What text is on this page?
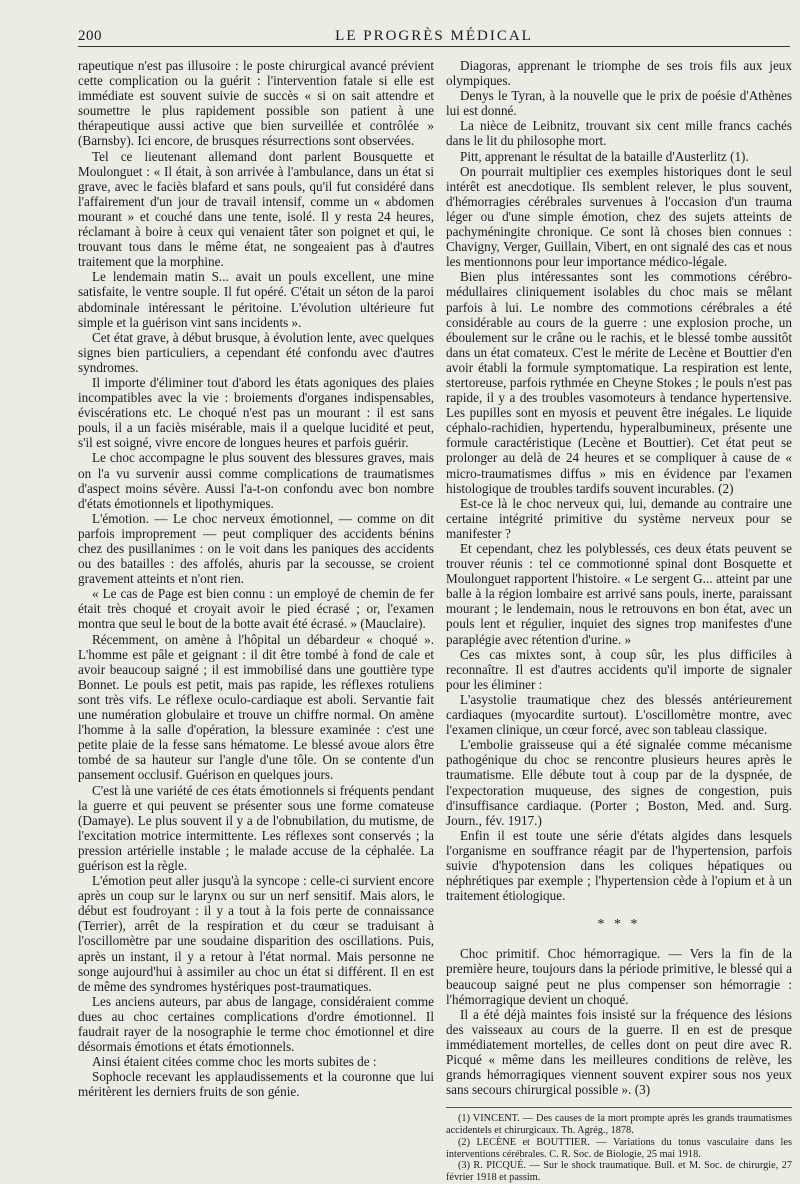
200	LE PROGRÈS MÉDICAL

rapeutique n'est pas illusoire : le poste chirurgical avancé prévient cette complication ou la guérit : l'intervention fatale si elle est immédiate est souvent suivie de succès « si on sait attendre et soumettre le plus rapidement possible son patient à une thérapeutique aussi active que bien surveillée et contrôlée » (Barnsby). Ici encore, de brusques résurrections sont observées.

Tel ce lieutenant allemand dont parlent Bousquette et Moulonguet : « Il était, à son arrivée à l'ambulance, dans un état si grave, avec le faciès blafard et sans pouls, qu'il fut considéré dans l'affairement d'un jour de travail intensif, comme un « abdomen mourant » et couché dans une tente, isolé. Il y resta 24 heures, réclamant à boire à ceux qui venaient tâter son poignet et qui, le trouvant tous dans le même état, ne songeaient pas à d'autres traitement que la morphine.

Le lendemain matin S... avait un pouls excellent, une mine satisfaite, le ventre souple. Il fut opéré. C'était un séton de la paroi abdominale intéressant le péritoine. L'évolution ultérieure fut simple et la guérison vint sans incidents ».

Cet état grave, à début brusque, à évolution lente, avec quelques signes bien particuliers, a cependant été confondu avec d'autres syndromes.

Il importe d'éliminer tout d'abord les états agoniques des plaies incompatibles avec la vie : broiements d'organes indispensables, éviscérations etc. Le choqué n'est pas un mourant : il est sans pouls, il a un faciès misérable, mais il a quelque lucidité et peut, s'il est soigné, vivre encore de longues heures et parfois guérir.

Le choc accompagne le plus souvent des blessures graves, mais on l'a vu survenir aussi comme complications de traumatismes d'aspect moins sévère. Aussi l'a-t-on confondu avec bon nombre d'états émotionnels et lipothymiques.

L'émotion. — Le choc nerveux émotionnel, — comme on dit parfois improprement — peut compliquer des accidents bénins chez des pusillanimes : on le voit dans les paniques des accidents ou des batailles : des affolés, ahuris par la secousse, se croient gravement atteints et n'ont rien.

« Le cas de Page est bien connu : un employé de chemin de fer était très choqué et croyait avoir le pied écrasé ; or, l'examen montra que seul le bout de la botte avait été écrasé. » (Mauclaire).

Récemment, on amène à l'hôpital un débardeur « choqué ». L'homme est pâle et geignant : il dit être tombé à fond de cale et avoir beaucoup saigné ; il est immobilisé dans une gouttière type Bonnet. Le pouls est petit, mais pas rapide, les réflexes rotuliens sont très vifs. Le réflexe oculo-cardiaque est aboli. Servantie fait une numération globulaire et trouve un chiffre normal. On amène l'homme à la salle d'opération, la blessure examinée : c'est une petite plaie de la fesse sans hématome. Le blessé avoue alors être tombé de sa hauteur sur l'angle d'une tôle. On se contente d'un pansement occlusif. Guérison en quelques jours.

C'est là une variété de ces états émotionnels si fréquents pendant la guerre et qui peuvent se présenter sous une forme comateuse (Damaye). Le plus souvent il y a de l'obnubilation, du mutisme, de l'excitation motrice intermittente. Les réflexes sont conservés ; la pression artérielle instable ; le malade accuse de la céphalée. La guérison est la règle.

L'émotion peut aller jusqu'à la syncope : celle-ci survient encore après un coup sur le larynx ou sur un nerf sensitif. Mais alors, le début est foudroyant : il y a tout à la fois perte de connaissance (Terrier), arrêt de la respiration et du cœur se traduisant à l'oscillomètre par une soudaine disparition des oscillations. Puis, après un instant, il y a retour à l'état normal. Mais personne ne songe aujourd'hui à assimiler au choc un état si différent. Il en est de même des syndromes hystériques post-traumatiques.

Les anciens auteurs, par abus de langage, considéraient comme dues au choc certaines complications d'ordre émotionnel. Il faudrait rayer de la nosographie le terme choc émotionnel et dire désormais émotions et états émotionnels.

Ainsi étaient citées comme choc les morts subites de :

Sophocle recevant les applaudissements et la couronne que lui méritèrent les derniers fruits de son génie.

Diagoras, apprenant le triomphe de ses trois fils aux jeux olympiques.

Denys le Tyran, à la nouvelle que le prix de poésie d'Athènes lui est donné.

La nièce de Leibnitz, trouvant six cent mille francs cachés dans le lit du philosophe mort.

Pitt, apprenant le résultat de la bataille d'Austerlitz (1).

On pourrait multiplier ces exemples historiques dont le seul intérêt est anecdotique. Ils semblent relever, le plus souvent, d'hémorragies cérébrales survenues à l'occasion d'un trauma léger ou d'une simple émotion, chez des sujets atteints de pachyméningite chronique. Ce sont là choses bien connues : Chavigny, Verger, Guillain, Vibert, en ont signalé des cas et nous les mentionnons pour leur importance médico-légale.

Bien plus intéressantes sont les commotions cérébro-médullaires cliniquement isolables du choc mais se mêlant parfois à lui. Le nombre des commotions cérébrales a été considérable au cours de la guerre : une explosion proche, un éboulement sur le crâne ou le rachis, et le blessé tombe aussitôt dans un état comateux. C'est le mérite de Lecène et Bouttier d'en avoir établi la formule symptomatique. La respiration est lente, stertoreuse, parfois rythmée en Cheyne Stokes ; le pouls n'est pas rapide, il y a des troubles vasomoteurs à tendance hypertensive. Les pupilles sont en myosis et peuvent être inégales. Le liquide céphalo-rachidien, hypertendu, hyperalbumineux, présente une formule caractéristique (Lecène et Bouttier). Cet état peut se prolonger au delà de 24 heures et se compliquer à cause de « micro-traumatismes diffus » mis en évidence par l'examen histologique de troubles tardifs souvent incurables. (2)

Est-ce là le choc nerveux qui, lui, demande au contraire une certaine intégrité primitive du système nerveux pour se manifester ?

Et cependant, chez les polyblessés, ces deux états peuvent se trouver réunis : tel ce commotionné spinal dont Bosquette et Moulonguet rapportent l'histoire. « Le sergent G... atteint par une balle à la région lombaire est arrivé sans pouls, inerte, paraissant mourant ; le lendemain, nous le retrouvons en bon état, avec un pouls lent et régulier, inquiet des signes trop manifestes d'une paraplégie avec rétention d'urine. »

Ces cas mixtes sont, à coup sûr, les plus difficiles à reconnaître. Il est d'autres accidents qu'il importe de signaler pour les éliminer :

L'asystolie traumatique chez des blessés antérieurement cardiaques (myocardite surtout). L'oscillomètre montre, avec l'examen clinique, un cœur forcé, avec son tableau classique.

L'embolie graisseuse qui a été signalée comme mécanisme pathogénique du choc se rencontre plusieurs heures après le traumatisme. Elle débute tout à coup par de la dyspnée, de l'expectoration muqueuse, des signes de congestion, puis d'insuffisance cardiaque. (Porter ; Boston, Med. and. Surg. Journ., fév. 1917.)

Enfin il est toute une série d'états algides dans lesquels l'organisme en souffrance réagit par de l'hypertension, parfois suivie d'hypotension dans les coliques hépatiques ou néphrétiques par exemple ; l'hypertension cède à l'opium et à un traitement étiologique.

* * *

Choc primitif. Choc hémorragique. — Vers la fin de la première heure, toujours dans la période primitive, le blessé qui a beaucoup saigné peut ne plus compenser son hémorragie : l'hémorragique devient un choqué.

Il a été déjà maintes fois insisté sur la fréquence des lésions des vaisseaux au cours de la guerre. Il en est de presque immédiatement mortelles, de celles dont on peut dire avec R. Picqué « même dans les meilleures conditions de relève, les grands hémorragiques viennent souvent expirer sous nos yeux sans secours chirurgical possible ». (3)

(1) VINCENT. — Des causes de la mort prompte après les grands traumatismes accidentels et chirurgicaux. Th. Agrég., 1878.

(2) LECÈNE et BOUTTIER. — Variations du tonus vasculaire dans les interventions cérébrales. C. R. Soc. de Biologie, 25 mai 1918.

(3) R. PICQUÉ. — Sur le shock traumatique. Bull. et M. Soc. de chirurgie, 27 février 1918 et passim.
